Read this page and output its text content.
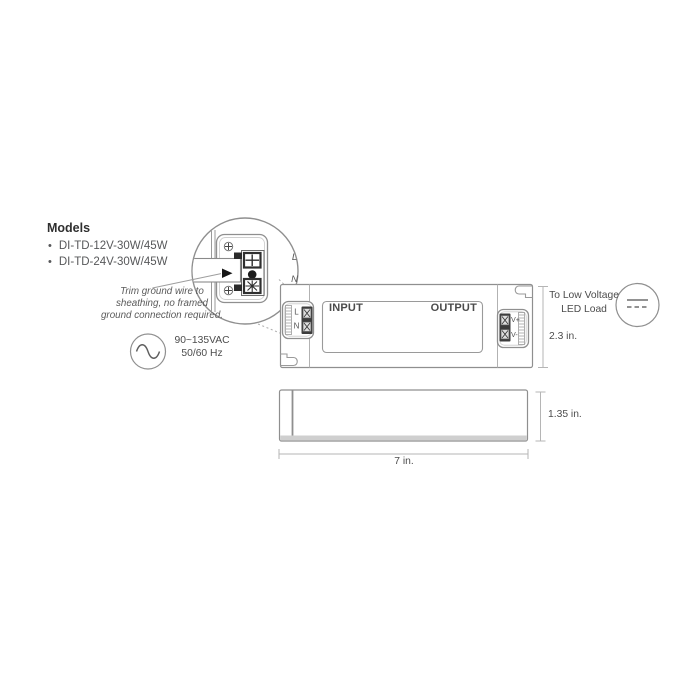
L
N
L
N
V+
V-
Models
• DI-TD-12V-30W/45W
• DI-TD-24V-30W/45W
Trim ground wire to
sheathing, no framed
ground connection required.
90~135VAC
50/60 Hz
INPUT	OUTPUT
To Low Voltage
LED Load
2.3 in.
1.35 in.
7 in.
